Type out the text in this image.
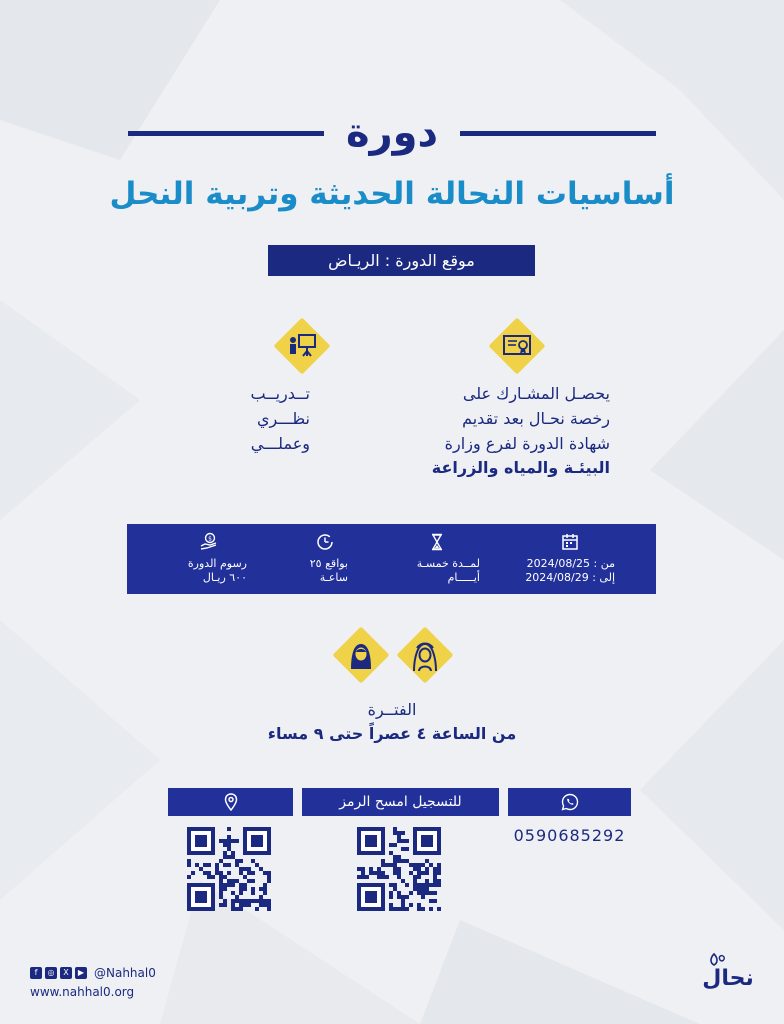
دورة
أساسيات النحالة الحديثة وتربية النحل
موقع الدورة : الريـاض
يحصـل المشـارك على
رخصة نحـال بعد تقديم
شهادة الدورة لفرع وزارة
البيئـة والمياه والزراعة
تــدريــب
نظـــري
وعملـــي
من : 2024/08/25
إلى : 2024/08/29
لمــدة خمسـة
أيـــــام
بواقع ٢٥
ساعـة
$
رسوم الدورة
٦٠٠ ريـال
الفتــرة
من الساعة ٤ عصراً حتى ٩ مساء
للتسجيل امسح الرمز
0590685292
f	◎	X	▶ @Nahhal0
www.nahhal0.org
نحال
